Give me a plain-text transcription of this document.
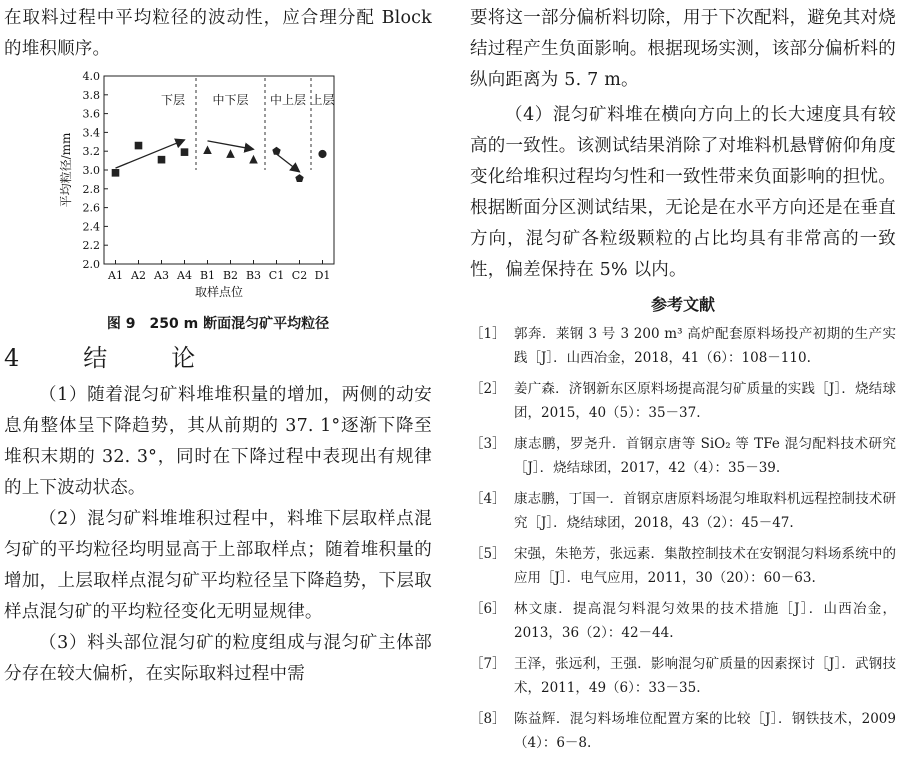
在取料过程中平均粒径的波动性，应合理分配 Block 的堆积顺序。

2.0
2.2
2.4
2.6
2.8
3.0
3.2
3.4
3.6
3.8
4.0
A1 A2 A3 A4 B1 B2 B3 C1 C2 D1
取样点位
平均粒径/mm
下层 中下层 中上层 上层

图 9　250 m 断面混匀矿平均粒径

4　结　论

（1）随着混匀矿料堆堆积量的增加，两侧的动安息角整体呈下降趋势，其从前期的 37. 1°逐渐下降至堆积末期的 32. 3°，同时在下降过程中表现出有规律的上下波动状态。

（2）混匀矿料堆堆积过程中，料堆下层取样点混匀矿的平均粒径均明显高于上部取样点；随着堆积量的增加，上层取样点混匀矿平均粒径呈下降趋势，下层取样点混匀矿的平均粒径变化无明显规律。

（3）料头部位混匀矿的粒度组成与混匀矿主体部分存在较大偏析，在实际取料过程中需

要将这一部分偏析料切除，用于下次配料，避免其对烧结过程产生负面影响。根据现场实测，该部分偏析料的纵向距离为 5. 7 m。

（4）混匀矿料堆在横向方向上的长大速度具有较高的一致性。该测试结果消除了对堆料机悬臂俯仰角度变化给堆积过程均匀性和一致性带来负面影响的担忧。根据断面分区测试结果，无论是在水平方向还是在垂直方向，混匀矿各粒级颗粒的占比均具有非常高的一致性，偏差保持在 5% 以内。

参考文献
［1］ 郭奔．莱钢 3 号 3 200 m³ 高炉配套原料场投产初期的生产实践［J］．山西冶金，2018，41（6）：108－110.
［2］ 姜广森．济钢新东区原料场提高混匀矿质量的实践［J］．烧结球团，2015，40（5）：35－37.
［3］ 康志鹏，罗尧升．首钢京唐等 SiO₂ 等 TFe 混匀配料技术研究［J］．烧结球团，2017，42（4）：35－39.
［4］ 康志鹏，丁国一．首钢京唐原料场混匀堆取料机远程控制技术研究［J］．烧结球团，2018，43（2）：45－47.
［5］ 宋强，朱艳芳，张远素．集散控制技术在安钢混匀料场系统中的应用［J］．电气应用，2011，30（20）：60－63.
［6］ 林文康．提高混匀料混匀效果的技术措施［J］．山西冶金，2013，36（2）：42－44.
［7］ 王泽，张远利，王强．影响混匀矿质量的因素探讨［J］．武钢技术，2011，49（6）：33－35.
［8］ 陈益辉．混匀料场堆位配置方案的比较［J］．钢铁技术，2009（4）：6－8.
